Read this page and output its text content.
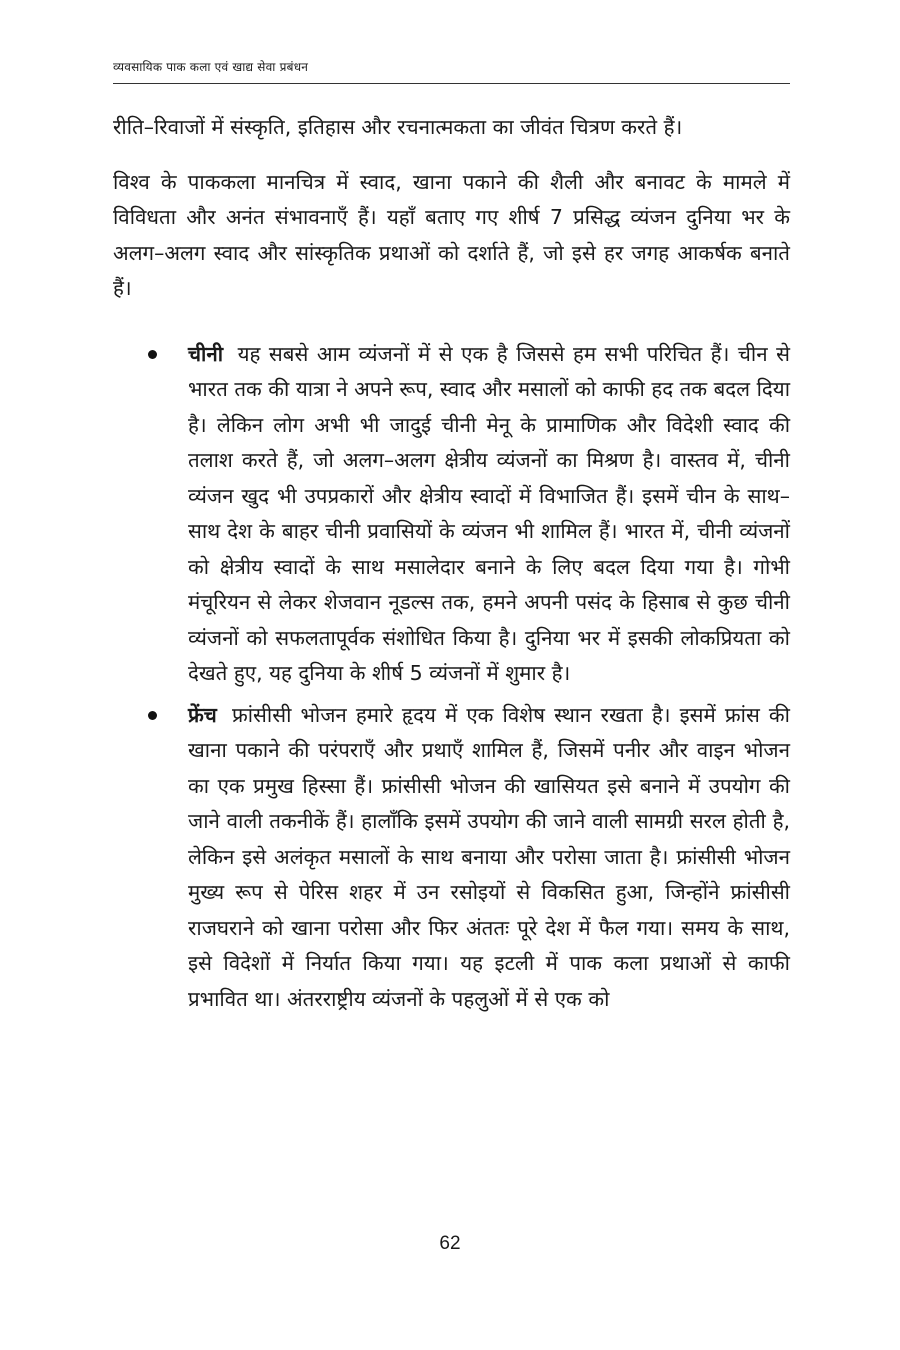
व्यवसायिक पाक कला एवं खाद्य सेवा प्रबंधन

रीति–रिवाजों में संस्कृति, इतिहास और रचनात्मकता का जीवंत चित्रण करते हैं।

विश्व के पाककला मानचित्र में स्वाद, खाना पकाने की शैली और बनावट के मामले में विविधता और अनंत संभावनाएँ हैं। यहाँ बताए गए शीर्ष 7 प्रसिद्ध व्यंजन दुनिया भर के अलग–अलग स्वाद और सांस्कृतिक प्रथाओं को दर्शाते हैं, जो इसे हर जगह आकर्षक बनाते हैं।

चीनी यह सबसे आम व्यंजनों में से एक है जिससे हम सभी परिचित हैं। चीन से भारत तक की यात्रा ने अपने रूप, स्वाद और मसालों को काफी हद तक बदल दिया है। लेकिन लोग अभी भी जादुई चीनी मेनू के प्रामाणिक और विदेशी स्वाद की तलाश करते हैं, जो अलग–अलग क्षेत्रीय व्यंजनों का मिश्रण है। वास्तव में, चीनी व्यंजन खुद भी उपप्रकारों और क्षेत्रीय स्वादों में विभाजित हैं। इसमें चीन के साथ–साथ देश के बाहर चीनी प्रवासियों के व्यंजन भी शामिल हैं। भारत में, चीनी व्यंजनों को क्षेत्रीय स्वादों के साथ मसालेदार बनाने के लिए बदल दिया गया है। गोभी मंचूरियन से लेकर शेजवान नूडल्स तक, हमने अपनी पसंद के हिसाब से कुछ चीनी व्यंजनों को सफलतापूर्वक संशोधित किया है। दुनिया भर में इसकी लोकप्रियता को देखते हुए, यह दुनिया के शीर्ष 5 व्यंजनों में शुमार है।
फ्रेंच फ्रांसीसी भोजन हमारे हृदय में एक विशेष स्थान रखता है। इसमें फ्रांस की खाना पकाने की परंपराएँ और प्रथाएँ शामिल हैं, जिसमें पनीर और वाइन भोजन का एक प्रमुख हिस्सा हैं। फ्रांसीसी भोजन की खासियत इसे बनाने में उपयोग की जाने वाली तकनीकें हैं। हालाँकि इसमें उपयोग की जाने वाली सामग्री सरल होती है, लेकिन इसे अलंकृत मसालों के साथ बनाया और परोसा जाता है। फ्रांसीसी भोजन मुख्य रूप से पेरिस शहर में उन रसोइयों से विकसित हुआ, जिन्होंने फ्रांसीसी राजघराने को खाना परोसा और फिर अंततः पूरे देश में फैल गया। समय के साथ, इसे विदेशों में निर्यात किया गया। यह इटली में पाक कला प्रथाओं से काफी प्रभावित था। अंतरराष्ट्रीय व्यंजनों के पहलुओं में से एक को
62
